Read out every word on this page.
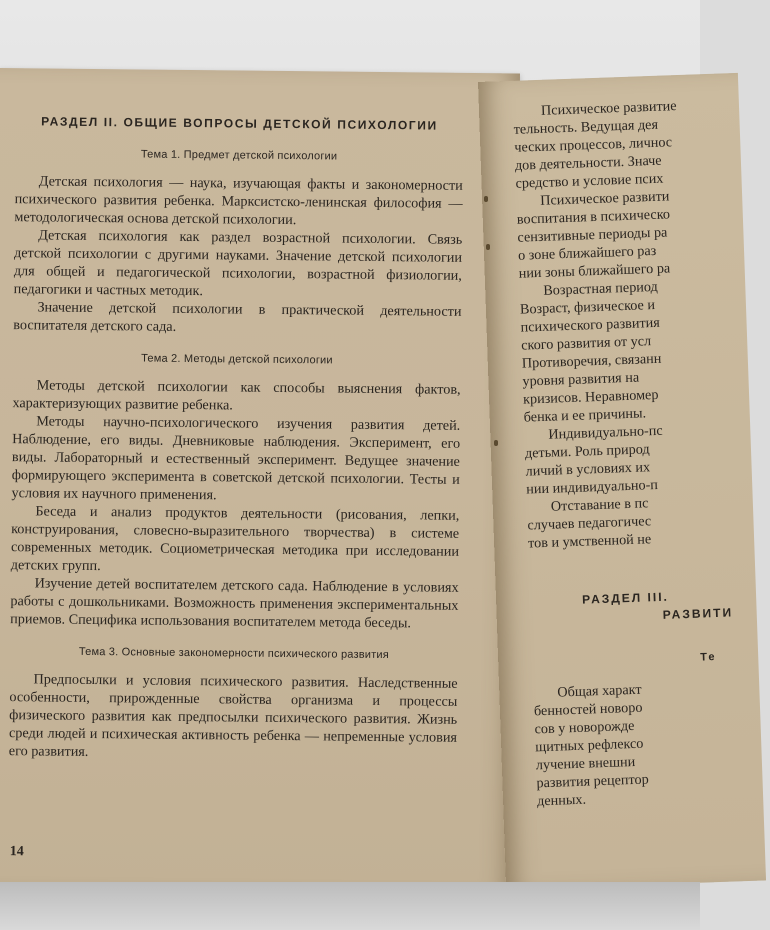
РАЗДЕЛ II. ОБЩИЕ ВОПРОСЫ ДЕТСКОЙ ПСИХОЛОГИИ

Тема 1. Предмет детской психологии

Детская психология — наука, изучающая факты и закономерности психического развития ребенка. Марксистско-ленинская философия — методологическая основа детской психологии.

Детская психология как раздел возрастной психологии. Связь детской психологии с другими науками. Значение детской психологии для общей и педагогической психологии, возрастной физиологии, педагогики и частных методик.

Значение детской психологии в практической деятельности воспитателя детского сада.

Тема 2. Методы детской психологии

Методы детской психологии как способы выяснения фактов, характеризующих развитие ребенка.

Методы научно-психологического изучения развития детей. Наблюдение, его виды. Дневниковые наблюдения. Эксперимент, его виды. Лабораторный и естественный эксперимент. Ведущее значение формирующего эксперимента в советской детской психологии. Тесты и условия их научного применения.

Беседа и анализ продуктов деятельности (рисования, лепки, конструирования, словесно-выразительного творчества) в системе современных методик. Социометрическая методика при исследовании детских групп.

Изучение детей воспитателем детского сада. Наблюдение в условиях работы с дошкольниками. Возможность применения экспериментальных приемов. Специфика использования воспитателем метода беседы.

Тема 3. Основные закономерности психического развития

Предпосылки и условия психического развития. Наследственные особенности, прирожденные свойства организма и процессы физического развития как предпосылки психического развития. Жизнь среди людей и психическая активность ребенка — непременные условия его развития.

14

Психическое развитие

тельность. Ведущая дея

ческих процессов, личнос

дов деятельности. Значе

средство и условие псих

Психическое развити

воспитания в психическо

сензитивные периоды ра

о зоне ближайшего раз

нии зоны ближайшего ра

Возрастная период

Возраст, физическое и

психического развития

ского развития от усл

Противоречия, связанн

уровня развития на

кризисов. Неравномер

бенка и ее причины.

Индивидуально-пс

детьми. Роль природ

личий в условиях их

нии индивидуально-п

Отставание в пс

случаев педагогичес

тов и умственной не

РАЗДЕЛ III.

РАЗВИТИ

Те

Общая характ

бенностей новоро

сов у новорожде

щитных рефлексо

лучение внешни

развития рецептор

денных.
